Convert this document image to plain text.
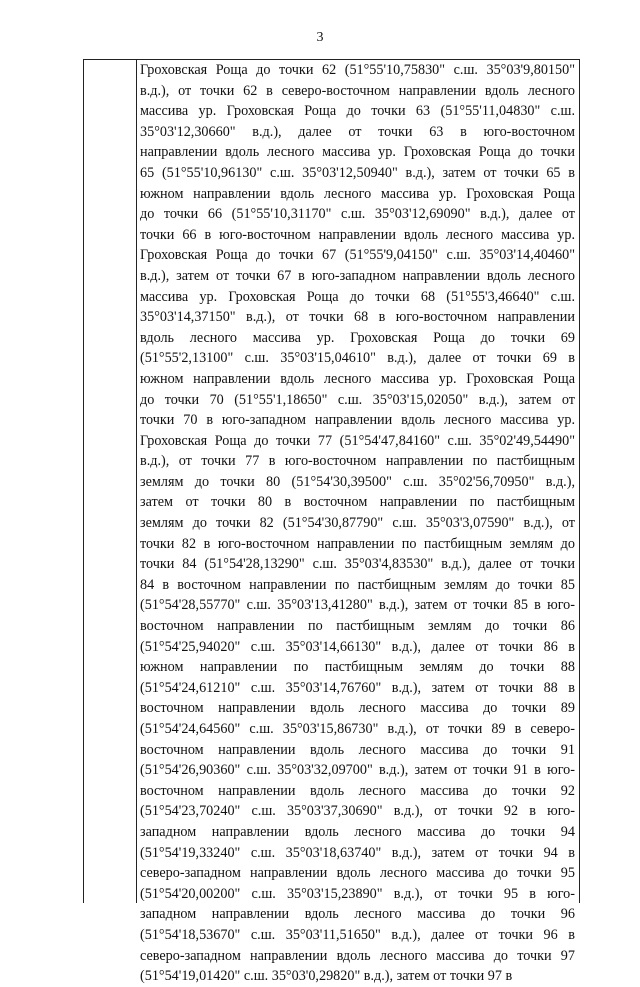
3
Гроховская Роща до точки 62 (51°55'10,75830" с.ш. 35°03'9,80150"
в.д.), от точки 62 в северо-восточном направлении вдоль лесного
массива ур. Гроховская Роща до точки 63 (51°55'11,04830" с.ш.
35°03'12,30660" в.д.), далее от точки 63 в юго-восточном
направлении вдоль лесного массива ур. Гроховская Роща до точки
65 (51°55'10,96130" с.ш. 35°03'12,50940" в.д.), затем от точки 65 в
южном направлении вдоль лесного массива ур. Гроховская Роща
до точки 66 (51°55'10,31170" с.ш. 35°03'12,69090" в.д.), далее от
точки 66 в юго-восточном направлении вдоль лесного массива ур.
Гроховская Роща до точки 67 (51°55'9,04150" с.ш. 35°03'14,40460"
в.д.), затем от точки 67 в юго-западном направлении вдоль лесного
массива ур. Гроховская Роща до точки 68 (51°55'3,46640" с.ш.
35°03'14,37150" в.д.), от точки 68 в юго-восточном направлении
вдоль лесного массива ур. Гроховская Роща до точки 69
(51°55'2,13100" с.ш. 35°03'15,04610" в.д.), далее от точки 69 в
южном направлении вдоль лесного массива ур. Гроховская Роща
до точки 70 (51°55'1,18650" с.ш. 35°03'15,02050" в.д.), затем от
точки 70 в юго-западном направлении вдоль лесного массива ур.
Гроховская Роща до точки 77 (51°54'47,84160" с.ш. 35°02'49,54490"
в.д.), от точки 77 в юго-восточном направлении по пастбищным
землям до точки 80 (51°54'30,39500" с.ш. 35°02'56,70950" в.д.),
затем от точки 80 в восточном направлении по пастбищным
землям до точки 82 (51°54'30,87790" с.ш. 35°03'3,07590" в.д.), от
точки 82 в юго-восточном направлении по пастбищным землям до
точки 84 (51°54'28,13290" с.ш. 35°03'4,83530" в.д.), далее от точки
84 в восточном направлении по пастбищным землям до точки 85
(51°54'28,55770" с.ш. 35°03'13,41280" в.д.), затем от точки 85 в юго-
восточном направлении по пастбищным землям до точки 86
(51°54'25,94020" с.ш. 35°03'14,66130" в.д.), далее от точки 86 в
южном направлении по пастбищным землям до точки 88
(51°54'24,61210" с.ш. 35°03'14,76760" в.д.), затем от точки 88 в
восточном направлении вдоль лесного массива до точки 89
(51°54'24,64560" с.ш. 35°03'15,86730" в.д.), от точки 89 в северо-
восточном направлении вдоль лесного массива до точки 91
(51°54'26,90360" с.ш. 35°03'32,09700" в.д.), затем от точки 91 в юго-
восточном направлении вдоль лесного массива до точки 92
(51°54'23,70240" с.ш. 35°03'37,30690" в.д.), от точки 92 в юго-
западном направлении вдоль лесного массива до точки 94
(51°54'19,33240" с.ш. 35°03'18,63740" в.д.), затем от точки 94 в
северо-западном направлении вдоль лесного массива до точки 95
(51°54'20,00200" с.ш. 35°03'15,23890" в.д.), от точки 95 в юго-
западном направлении вдоль лесного массива до точки 96
(51°54'18,53670" с.ш. 35°03'11,51650" в.д.), далее от точки 96 в
северо-западном направлении вдоль лесного массива до точки 97
(51°54'19,01420" с.ш. 35°03'0,29820" в.д.), затем от точки 97 в
